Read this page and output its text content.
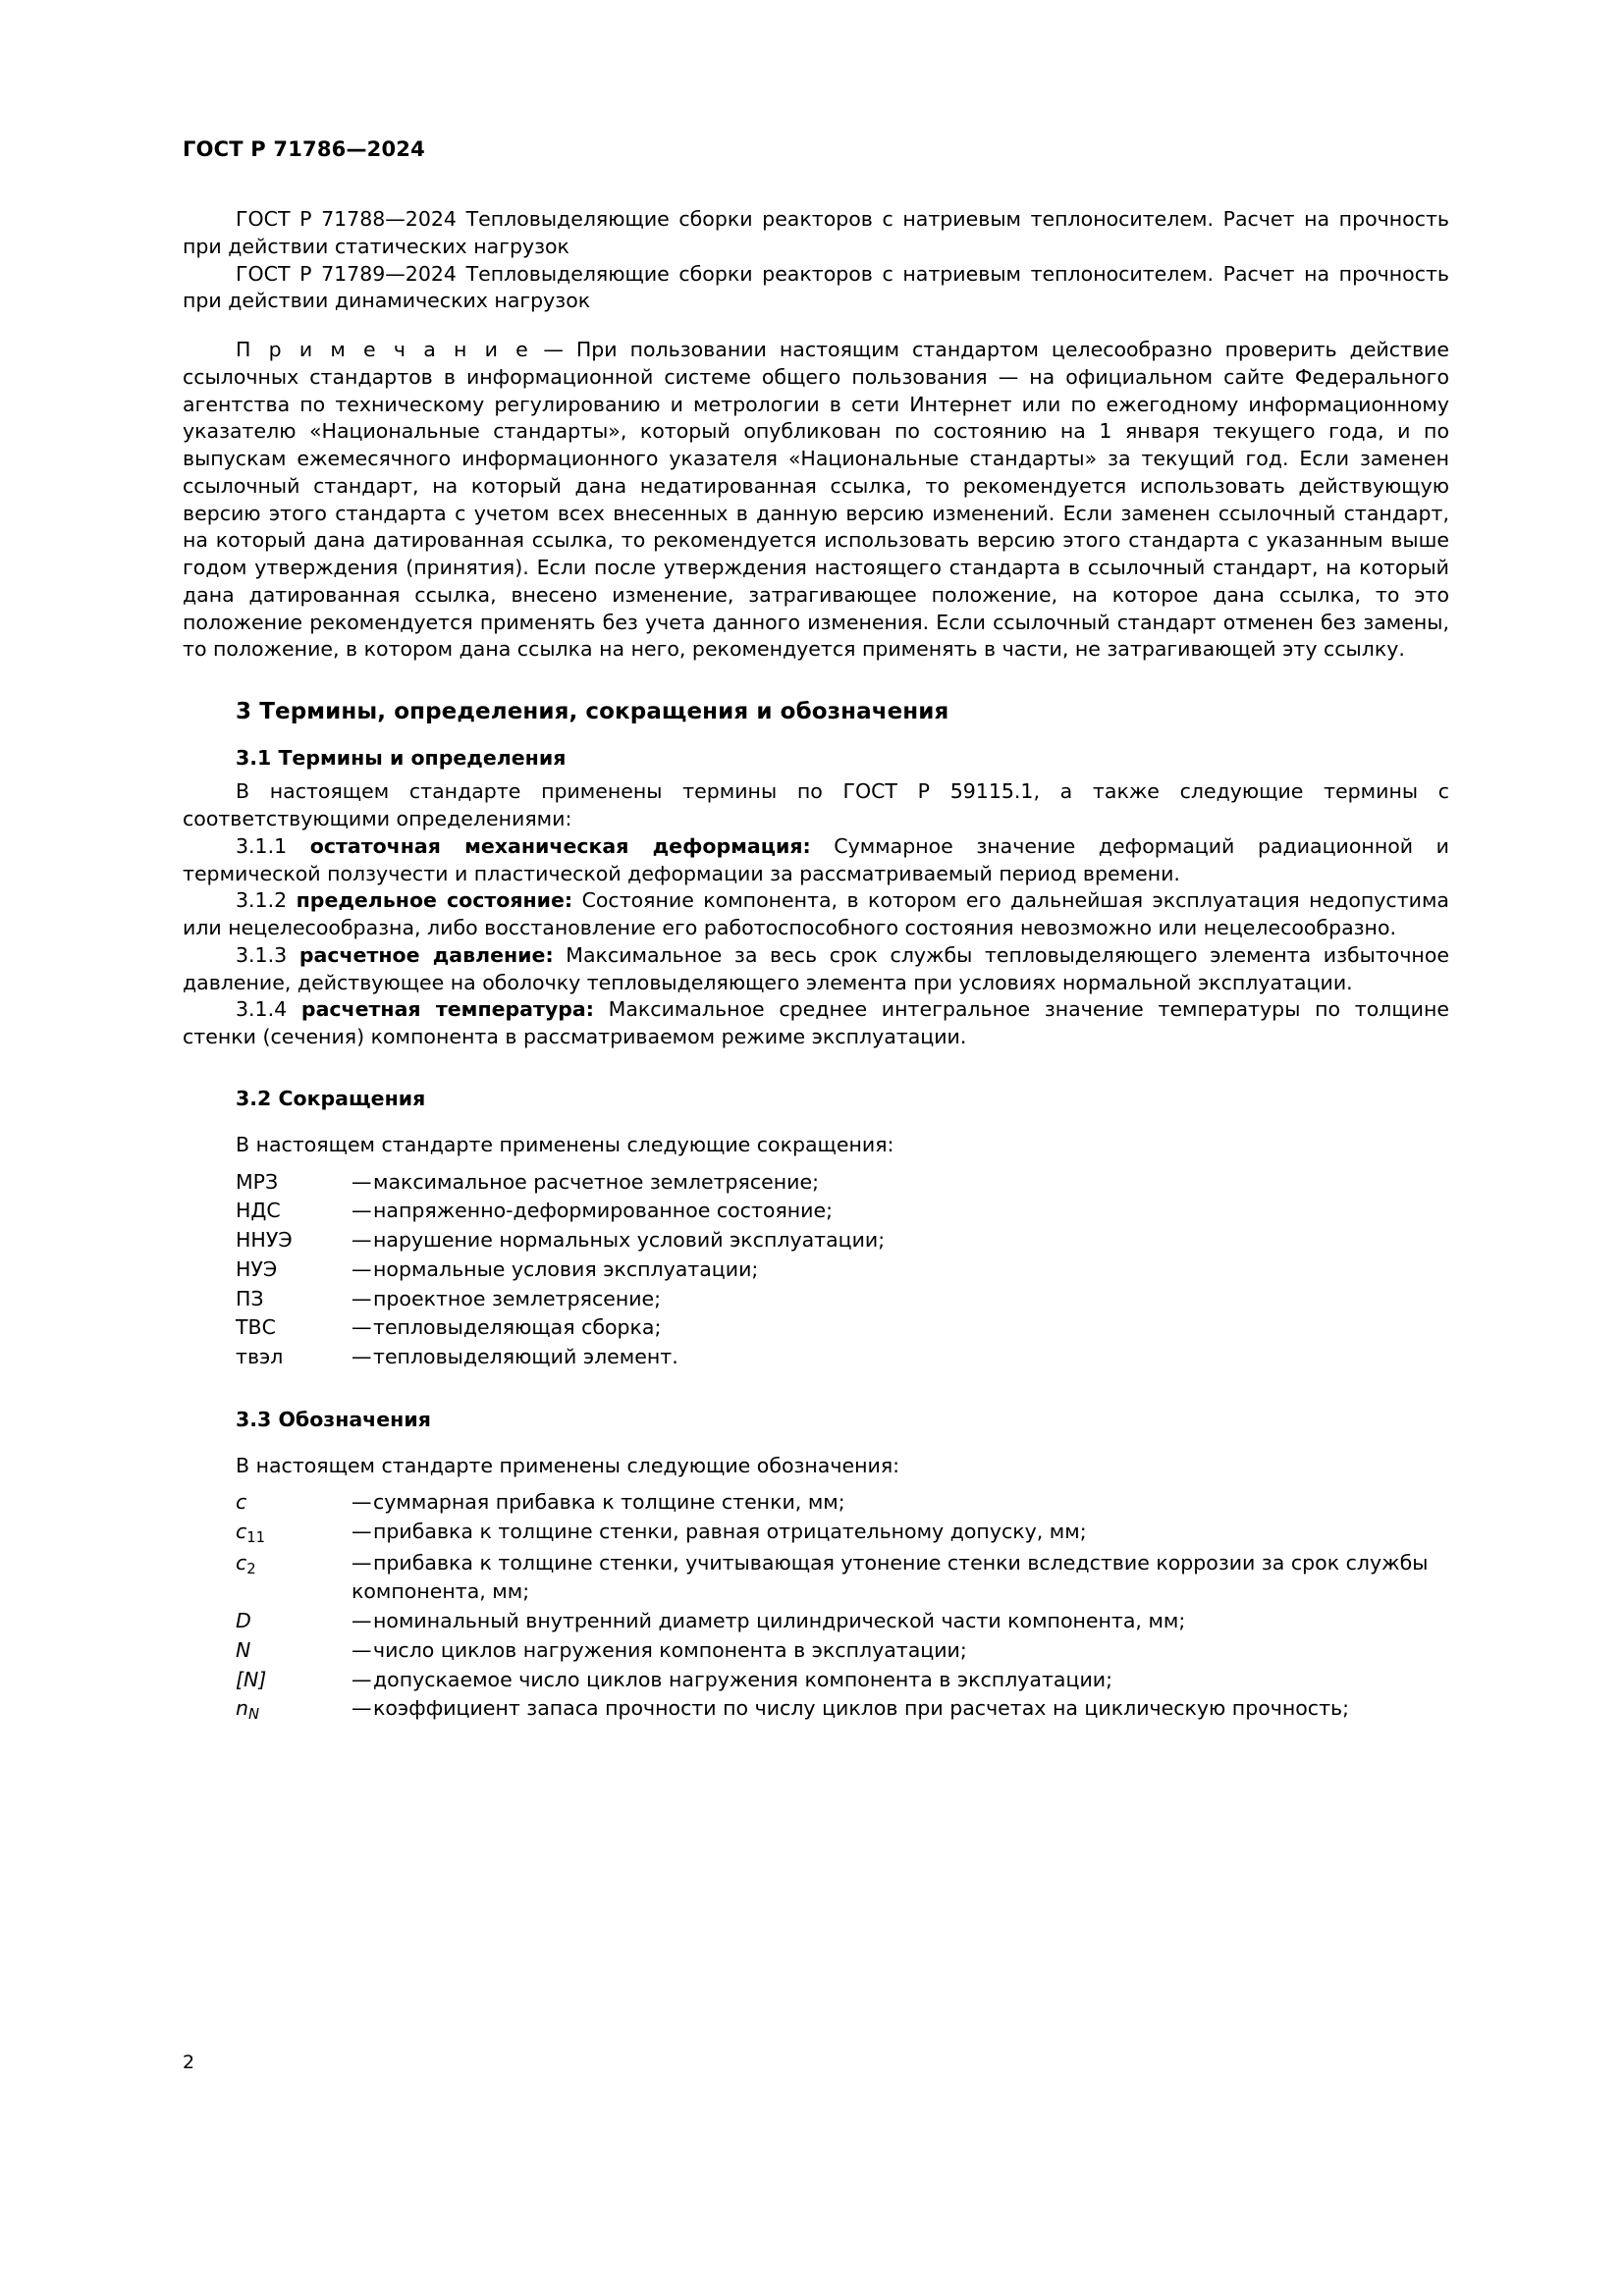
ГОСТ Р 71786—2024

ГОСТ Р 71788—2024 Тепловыделяющие сборки реакторов с натриевым теплоносителем. Расчет на прочность при действии статических нагрузок

ГОСТ Р 71789—2024 Тепловыделяющие сборки реакторов с натриевым теплоносителем. Расчет на прочность при действии динамических нагрузок

П р и м е ч а н и е — При пользовании настоящим стандартом целесообразно проверить действие ссылочных стандартов в информационной системе общего пользования — на официальном сайте Федерального агентства по техническому регулированию и метрологии в сети Интернет или по ежегодному информационному указателю «Национальные стандарты», который опубликован по состоянию на 1 января текущего года, и по выпускам ежемесячного информационного указателя «Национальные стандарты» за текущий год. Если заменен ссылочный стандарт, на который дана недатированная ссылка, то рекомендуется использовать действующую версию этого стандарта с учетом всех внесенных в данную версию изменений. Если заменен ссылочный стандарт, на который дана датированная ссылка, то рекомендуется использовать версию этого стандарта с указанным выше годом утверждения (принятия). Если после утверждения настоящего стандарта в ссылочный стандарт, на который дана датированная ссылка, внесено изменение, затрагивающее положение, на которое дана ссылка, то это положение рекомендуется применять без учета данного изменения. Если ссылочный стандарт отменен без замены, то положение, в котором дана ссылка на него, рекомендуется применять в части, не затрагивающей эту ссылку.

3 Термины, определения, сокращения и обозначения
3.1 Термины и определения

В настоящем стандарте применены термины по ГОСТ Р 59115.1, а также следующие термины с соответствующими определениями:

3.1.1 остаточная механическая деформация: Суммарное значение деформаций радиационной и термической ползучести и пластической деформации за рассматриваемый период времени.

3.1.2 предельное состояние: Состояние компонента, в котором его дальнейшая эксплуатация недопустима или нецелесообразна, либо восстановление его работоспособного состояния невозможно или нецелесообразно.

3.1.3 расчетное давление: Максимальное за весь срок службы тепловыделяющего элемента избыточное давление, действующее на оболочку тепловыделяющего элемента при условиях нормальной эксплуатации.

3.1.4 расчетная температура: Максимальное среднее интегральное значение температуры по толщине стенки (сечения) компонента в рассматриваемом режиме эксплуатации.

3.2 Сокращения

В настоящем стандарте применены следующие сокращения:

МРЗ	—максимальное расчетное землетрясение;
НДС	—напряженно-деформированное состояние;
ННУЭ	—нарушение нормальных условий эксплуатации;
НУЭ	—нормальные условия эксплуатации;
ПЗ	—проектное землетрясение;
ТВС	—тепловыделяющая сборка;
твэл	—тепловыделяющий элемент.
3.3 Обозначения

В настоящем стандарте применены следующие обозначения:

c	—суммарная прибавка к толщине стенки, мм;
$c_{11}$	—прибавка к толщине стенки, равная отрицательному допуску, мм;
$c_2$	—прибавка к толщине стенки, учитывающая утонение стенки вследствие коррозии за срок службы компонента, мм;
D	—номинальный внутренний диаметр цилиндрической части компонента, мм;
N	—число циклов нагружения компонента в эксплуатации;
[N]	—допускаемое число циклов нагружения компонента в эксплуатации;
$n_N$	—коэффициент запаса прочности по числу циклов при расчетах на циклическую прочность;
2
